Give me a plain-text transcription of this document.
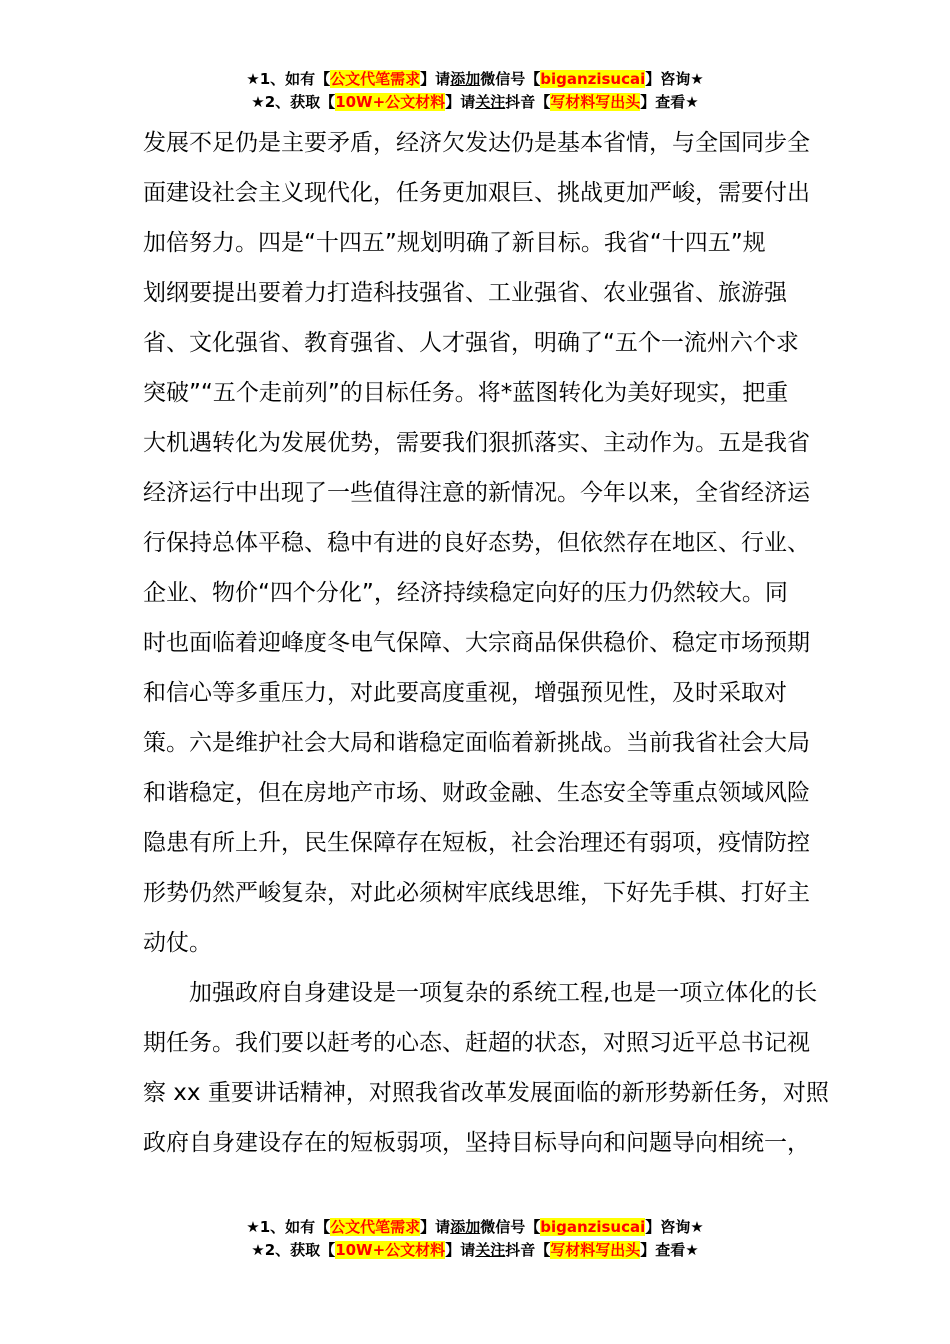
★1、如有【公文代笔需求】请添加微信号【biganzisucai】咨询★
★2、获取【10W+公文材料】请关注抖音【写材料写出头】查看★
发展不足仍是主要矛盾，经济欠发达仍是基本省情，与全国同步全
面建设社会主义现代化，任务更加艰巨、挑战更加严峻，需要付出
加倍努力。四是“十四五”规划明确了新目标。我省“十四五”规
划纲要提出要着力打造科技强省、工业强省、农业强省、旅游强
省、文化强省、教育强省、人才强省，明确了“五个一流州六个求
突破”“五个走前列”的目标任务。将*蓝图转化为美好现实，把重
大机遇转化为发展优势，需要我们狠抓落实、主动作为。五是我省
经济运行中出现了一些值得注意的新情况。今年以来，全省经济运
行保持总体平稳、稳中有进的良好态势，但依然存在地区、行业、
企业、物价“四个分化”，经济持续稳定向好的压力仍然较大。同
时也面临着迎峰度冬电气保障、大宗商品保供稳价、稳定市场预期
和信心等多重压力，对此要高度重视，增强预见性，及时采取对
策。六是维护社会大局和谐稳定面临着新挑战。当前我省社会大局
和谐稳定，但在房地产市场、财政金融、生态安全等重点领域风险
隐患有所上升，民生保障存在短板，社会治理还有弱项，疫情防控
形势仍然严峻复杂，对此必须树牢底线思维，下好先手棋、打好主
动仗。
加强政府自身建设是一项复杂的系统工程,也是一项立体化的长
期任务。我们要以赶考的心态、赶超的状态，对照习近平总书记视
察 xx 重要讲话精神，对照我省改革发展面临的新形势新任务，对照
政府自身建设存在的短板弱项，坚持目标导向和问题导向相统一，
★1、如有【公文代笔需求】请添加微信号【biganzisucai】咨询★
★2、获取【10W+公文材料】请关注抖音【写材料写出头】查看★
